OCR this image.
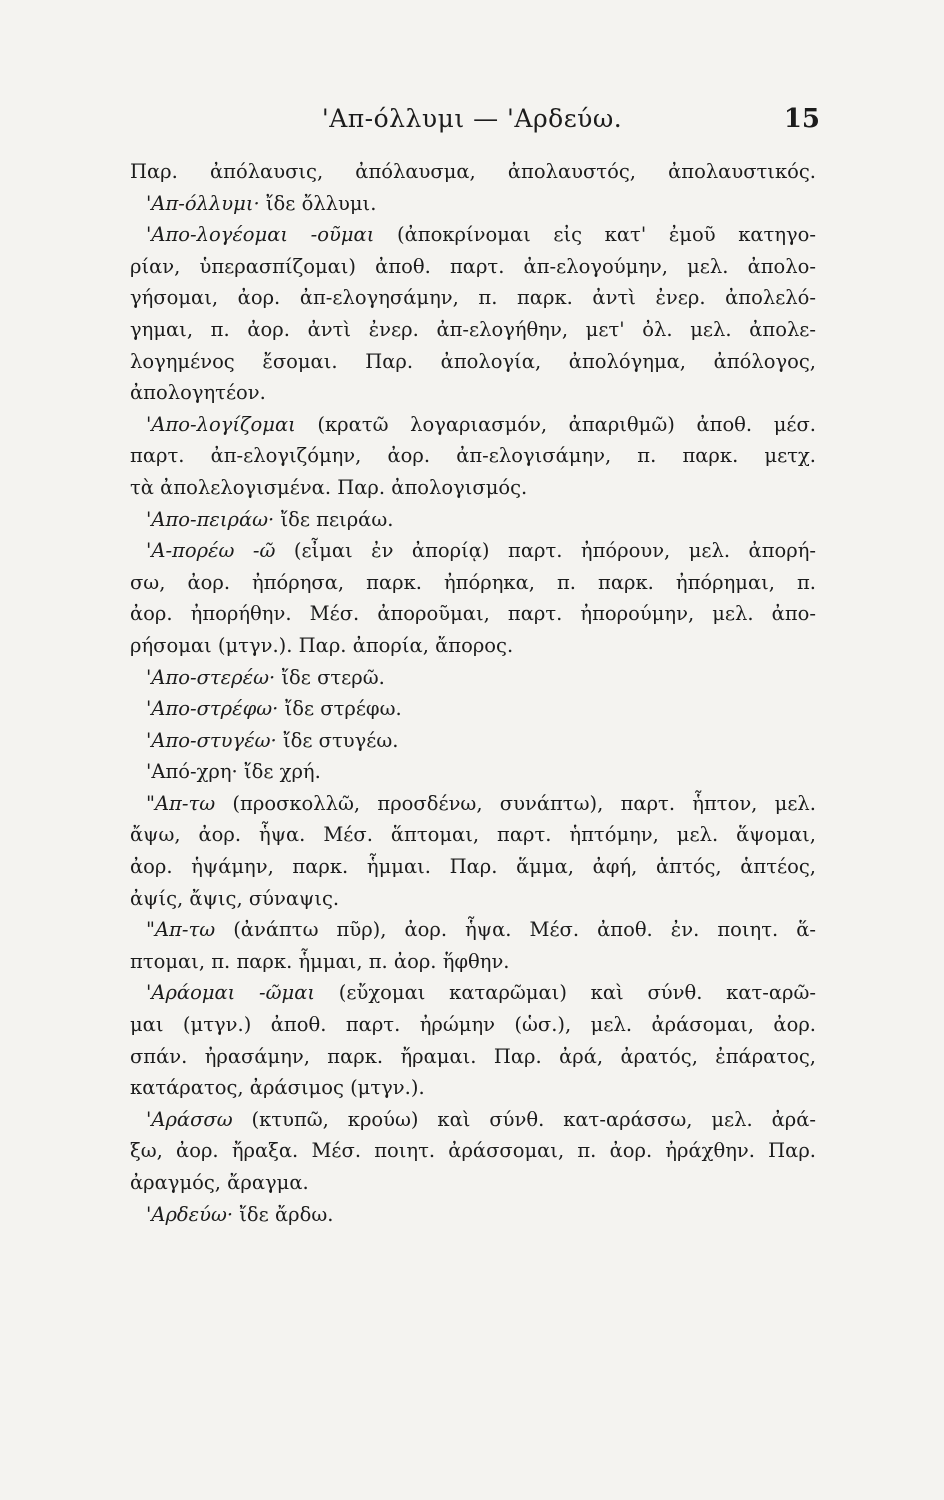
'Απ-όλλυμι — 'Αρδεύω.	15
Παρ. ἀπόλαυσις, ἀπόλαυσμα, ἀπολαυστός, ἀπολαυστικός.
'Απ-όλλυμι· ἴδε ὄλλυμι.
'Απο-λογέομαι -οῦμαι (ἀποκρίνομαι εἰς κατ' ἐμοῦ κατηγο-
ρίαν, ὑπερασπίζομαι) ἀποθ. παρτ. ἀπ-ελογούμην, μελ. ἀπολο-
γήσομαι, ἀορ. ἀπ-ελογησάμην, π. παρκ. ἀντὶ ἐνερ. ἀπολελό-
γημαι, π. ἀορ. ἀντὶ ἐνερ. ἀπ-ελογήθην, μετ' ὀλ. μελ. ἀπολε-
λογημένος ἔσομαι. Παρ. ἀπολογία, ἀπολόγημα, ἀπόλογος,
ἀπολογητέον.
'Απο-λογίζομαι (κρατῶ λογαριασμόν, ἀπαριθμῶ) ἀποθ. μέσ.
παρτ. ἀπ-ελογιζόμην, ἀορ. ἀπ-ελογισάμην, π. παρκ. μετχ.
τὰ ἀπολελογισμένα. Παρ. ἀπολογισμός.
'Απο-πειράω· ἴδε πειράω.
'Α-πορέω -ῶ (εἶμαι ἐν ἀπορίᾳ) παρτ. ἠπόρουν, μελ. ἀπορή-
σω, ἀορ. ἠπόρησα, παρκ. ἠπόρηκα, π. παρκ. ἠπόρημαι, π.
ἀορ. ἠπορήθην. Μέσ. ἀποροῦμαι, παρτ. ἠπορούμην, μελ. ἀπο-
ρήσομαι (μτγν.). Παρ. ἀπορία, ἄπορος.
'Απο-στερέω· ἴδε στερῶ.
'Απο-στρέφω· ἴδε στρέφω.
'Απο-στυγέω· ἴδε στυγέω.
'Από-χρη· ἴδε χρή.
"Απ-τω (προσκολλῶ, προσδένω, συνάπτω), παρτ. ἧπτον, μελ.
ἄψω, ἀορ. ἧψα. Μέσ. ἅπτομαι, παρτ. ἡπτόμην, μελ. ἅψομαι,
ἀορ. ἡψάμην, παρκ. ἧμμαι. Παρ. ἅμμα, ἀφή, ἁπτός, ἁπτέος,
ἀψίς, ἄψις, σύναψις.
"Απ-τω (ἀνάπτω πῦρ), ἀορ. ἧψα. Μέσ. ἀποθ. ἐν. ποιητ. ἅ-
πτομαι, π. παρκ. ἧμμαι, π. ἀορ. ἥφθην.
'Αράομαι -ῶμαι (εὔχομαι καταρῶμαι) καὶ σύνθ. κατ-αρῶ-
μαι (μτγν.) ἀποθ. παρτ. ἠρώμην (ὡσ.), μελ. ἀράσομαι, ἀορ.
σπάν. ἠρασάμην, παρκ. ἤραμαι. Παρ. ἀρά, ἀρατός, ἐπάρατος,
κατάρατος, ἀράσιμος (μτγν.).
'Αράσσω (κτυπῶ, κρούω) καὶ σύνθ. κατ-αράσσω, μελ. ἀρά-
ξω, ἀορ. ἤραξα. Μέσ. ποιητ. ἀράσσομαι, π. ἀορ. ἠράχθην. Παρ.
ἀραγμός, ἄραγμα.
'Αρδεύω· ἴδε ἄρδω.
